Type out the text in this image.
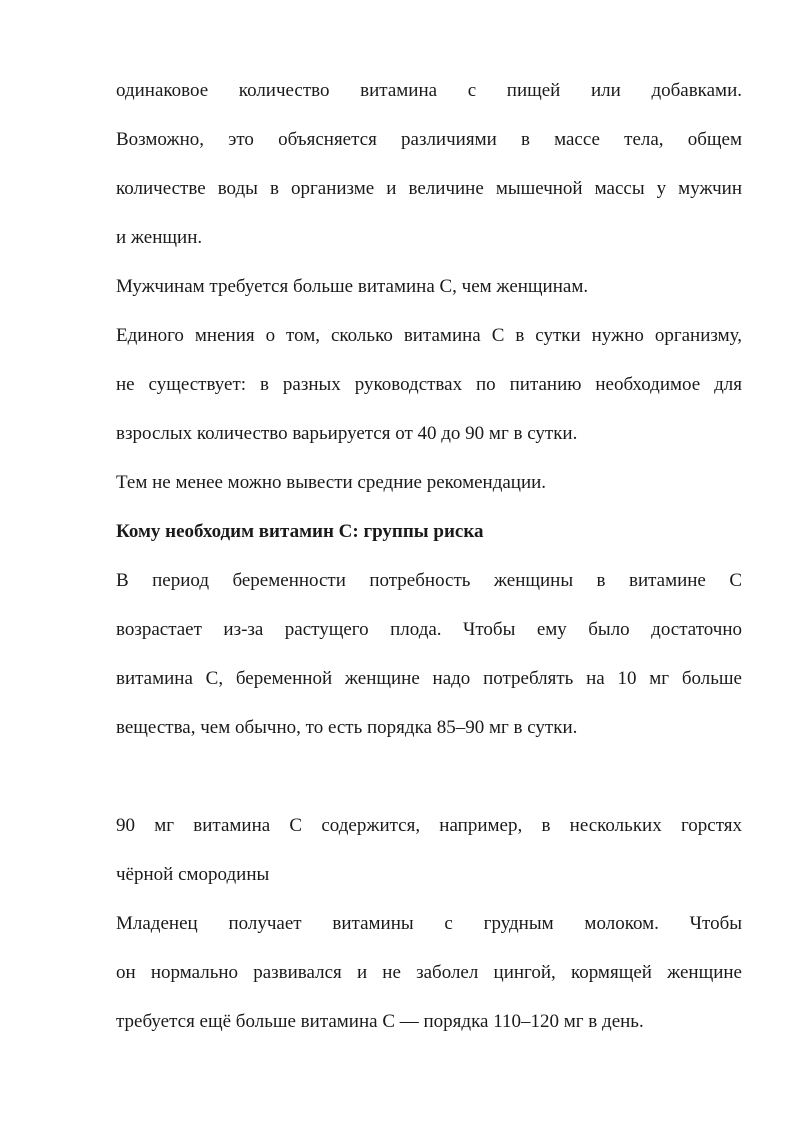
одинаковое количество витамина с пищей или добавками.
Возможно, это объясняется различиями в массе тела, общем
количестве воды в организме и величине мышечной массы у мужчин
и женщин.
Мужчинам требуется больше витамина C, чем женщинам.
Единого мнения о том, сколько витамина C в сутки нужно организму,
не существует: в разных руководствах по питанию необходимое для
взрослых количество варьируется от 40 до 90 мг в сутки.
Тем не менее можно вывести средние рекомендации.
Кому необходим витамин C: группы риска
В период беременности потребность женщины в витамине C
возрастает из-за растущего плода. Чтобы ему было достаточно
витамина C, беременной женщине надо потреблять на 10 мг больше
вещества, чем обычно, то есть порядка 85–90 мг в сутки.
90 мг витамина C содержится, например, в нескольких горстях
чёрной смородины
Младенец получает витамины с грудным молоком. Чтобы
он нормально развивался и не заболел цингой, кормящей женщине
требуется ещё больше витамина C — порядка 110–120 мг в день.
